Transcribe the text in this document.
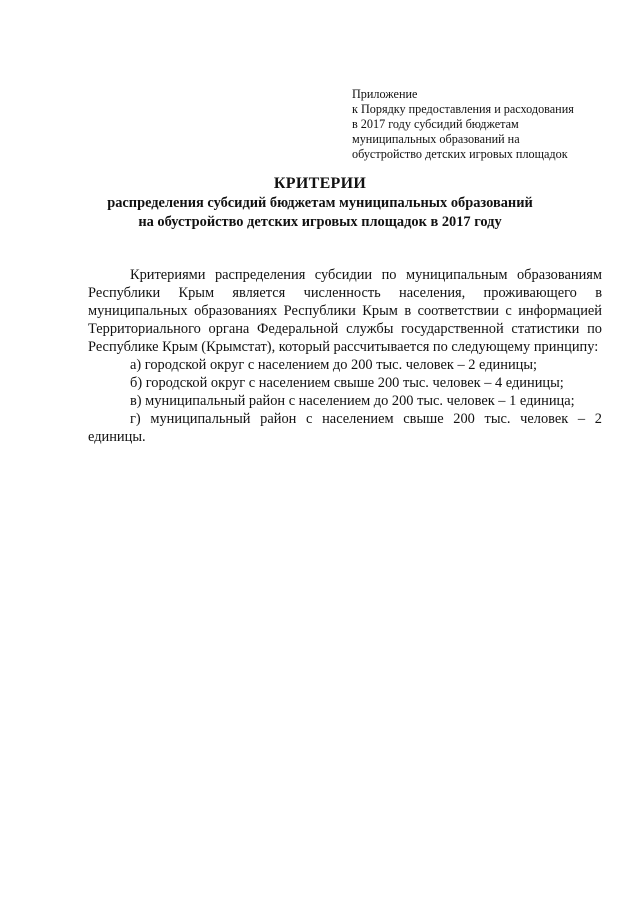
Приложение
к Порядку предоставления и расходования
в 2017 году субсидий бюджетам
муниципальных образований на
обустройство детских игровых площадок
КРИТЕРИИ
распределения субсидий бюджетам муниципальных образований
на обустройство детских игровых площадок в 2017 году

Критериями распределения субсидии по муниципальным образованиям Республики Крым является численность населения, проживающего в муниципальных образованиях Республики Крым в соответствии с информацией Территориального органа Федеральной службы государственной статистики по Республике Крым (Крымстат), который рассчитывается по следующему принципу:

а) городской округ с населением до 200 тыс. человек – 2 единицы;

б) городской округ с населением свыше 200 тыс. человек – 4 единицы;

в) муниципальный район с населением до 200 тыс. человек – 1 единица;

г) муниципальный район с населением свыше 200 тыс. человек – 2 единицы.
